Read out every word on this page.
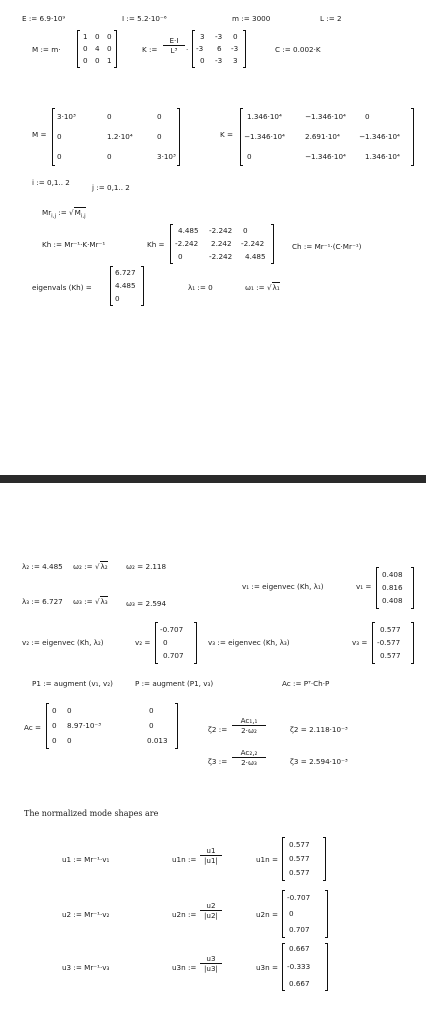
E := 6.9·10⁹	I := 5.2·10⁻⁶	m := 3000	L := 2
M := m·
1 0 0
0 4 0
0 0 1
K := $\frac{E\cdot I}{\text{L³}}$ ·
3 -3 0
-3 6 -3
0 -3 3
C := 0.002·K
M =
3·10³	0	0
0	1.2·10⁴	0
0	0	3·10³
K =
1.346·10⁴	−1.346·10⁴	0
−1.346·10⁴	2.691·10⁴	−1.346·10⁴
0	−1.346·10⁴	1.346·10⁴
i := 0,1.. 2
j := 0,1.. 2
$Mr_{i,j}$ := $√M_{i,j}$
Kh := Mr⁻¹·K·Mr⁻¹	Kh =
4.485 -2.242 0
-2.242 2.242 -2.242
0	-2.242 4.485
Ch := Mr⁻¹·(C·Mr⁻¹)
eigenvals (Kh) =
6.727
4.485
0
λ₁ := 0	ω₁ := √λ₁
λ₂ := 4.485 ω₂ := √λ₂	ω₂ = 2.118
v₁ := eigenvec (Kh, λ₁)	v₁ =
0.408
0.816
0.408
λ₃ := 6.727 ω₃ := √λ₃	ω₃ = 2.594
v₂ := eigenvec (Kh, λ₂)	v₂ =
-0.707
0
0.707
v₃ := eigenvec (Kh, λ₃)	v₃ =
0.577
-0.577
0.577
P1 := augment (v₁, v₂)	P := augment (P1, v₃)	Ac := Pᵀ·Ch·P
Ac =
0 0	0
0 8.97·10⁻³	0
0 0	0.013
ζ2 := $\frac{\text{Ac₁,₁}}{\text{2·ω₂}}$	ζ2 = 2.118·10⁻³
ζ3 := $\frac{\text{Ac₂,₂}}{\text{2·ω₃}}$	ζ3 = 2.594·10⁻³
The normalized mode shapes are
u1 := Mr⁻¹·v₁	u1n := $\frac{u1}{|u1|}$	u1n =
0.577
0.577
0.577
u2 := Mr⁻¹·v₂	u2n := $\frac{u2}{|u2|}$	u2n =
-0.707
0
0.707
u3 := Mr⁻¹·v₃	u3n := $\frac{u3}{|u3|}$	u3n =
0.667
-0.333
0.667
